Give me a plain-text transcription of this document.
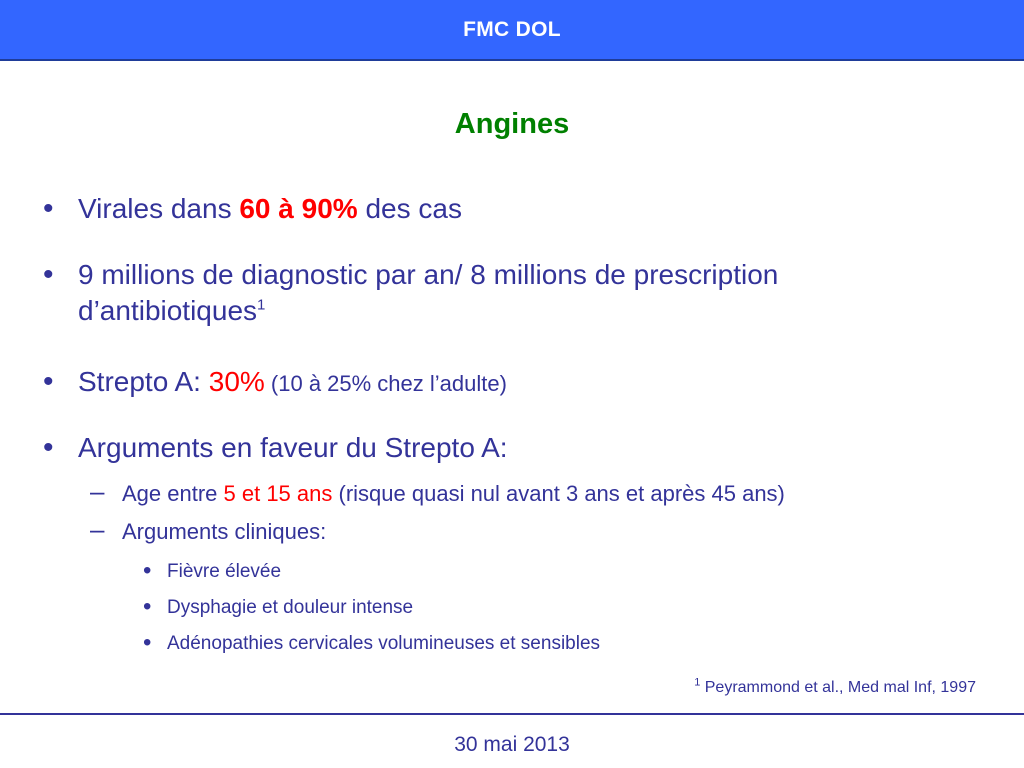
FMC DOL
Angines
• Virales dans 60 à 90% des cas
• 9 millions de diagnostic par an/ 8 millions de prescription
d’antibiotiques$^1$
• Strepto A: 30% (10 à 25% chez l’adulte)
• Arguments en faveur du Strepto A:
– Age entre 5 et 15 ans (risque quasi nul avant 3 ans et après 45 ans)
– Arguments cliniques:
• Fièvre élevée
• Dysphagie et douleur intense
• Adénopathies cervicales volumineuses et sensibles
$^1$ Peyrammond et al., Med mal Inf, 1997
30 mai 2013
